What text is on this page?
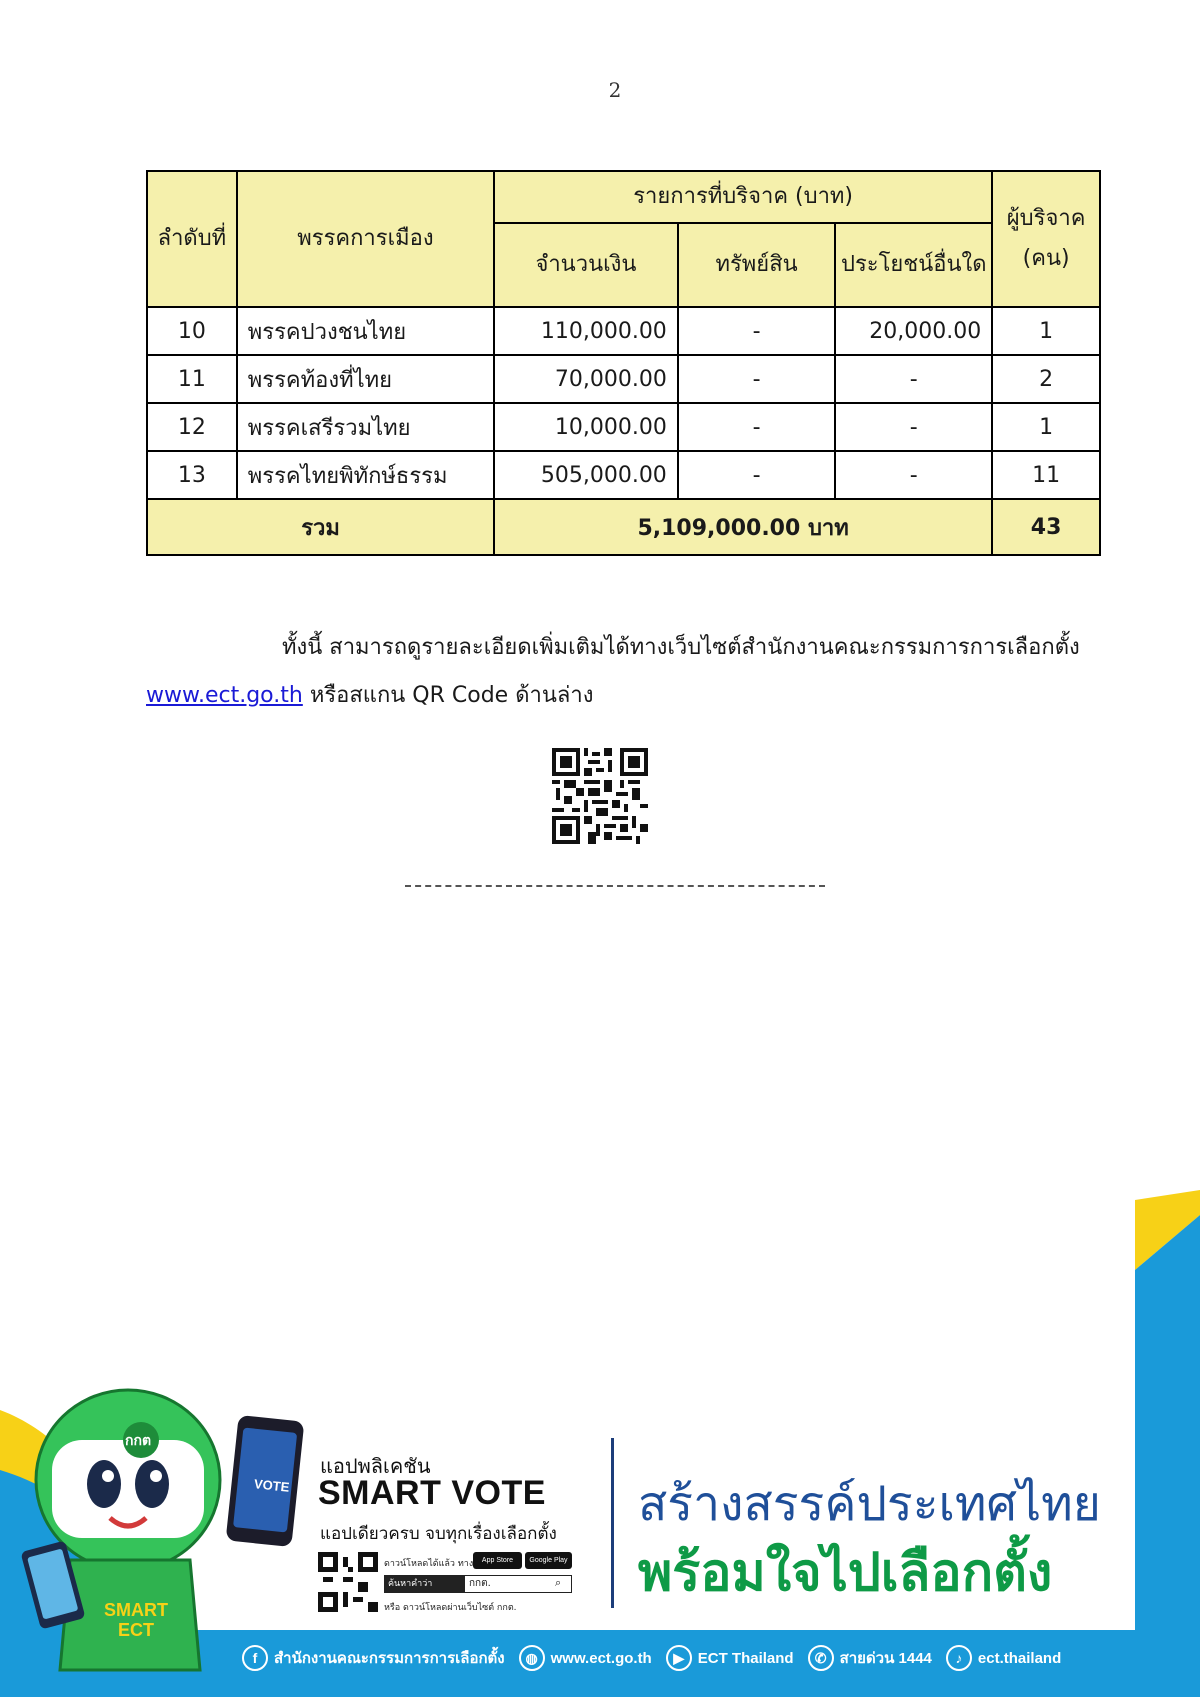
2
ลำดับที่	พรรคการเมือง	รายการที่บริจาค (บาท)			ผู้บริจาค (คน)
		จำนวนเงิน	ทรัพย์สิน	ประโยชน์อื่นใด	
10	พรรคปวงชนไทย	110,000.00	-	20,000.00	1
11	พรรคท้องที่ไทย	70,000.00	-	-	2
12	พรรคเสรีรวมไทย	10,000.00	-	-	1
13	พรรคไทยพิทักษ์ธรรม	505,000.00	-	-	11
รวม		5,109,000.00 บาท			43
ทั้งนี้ สามารถดูรายละเอียดเพิ่มเติมได้ทางเว็บไซต์สำนักงานคณะกรรมการการเลือกตั้ง www.ect.go.th หรือสแกน QR Code ด้านล่าง
กกต
VOTE
SMART ECT
แอปพลิเคชัน
SMART VOTE
แอปเดียวครบ จบทุกเรื่องเลือกตั้ง
ดาวน์โหลดได้แล้ว ทาง	App Store	Google Play
ค้นหาคำว่า	กกต.	⌕
หรือ ดาวน์โหลดผ่านเว็บไซต์ กกต.
สร้างสรรค์ประเทศไทย
พร้อมใจไปเลือกตั้ง
f	สำนักงานคณะกรรมการการเลือกตั้ง	◍ www.ect.go.th	▶ ECT Thailand	✆ สายด่วน 1444	♪	ect.thailand
